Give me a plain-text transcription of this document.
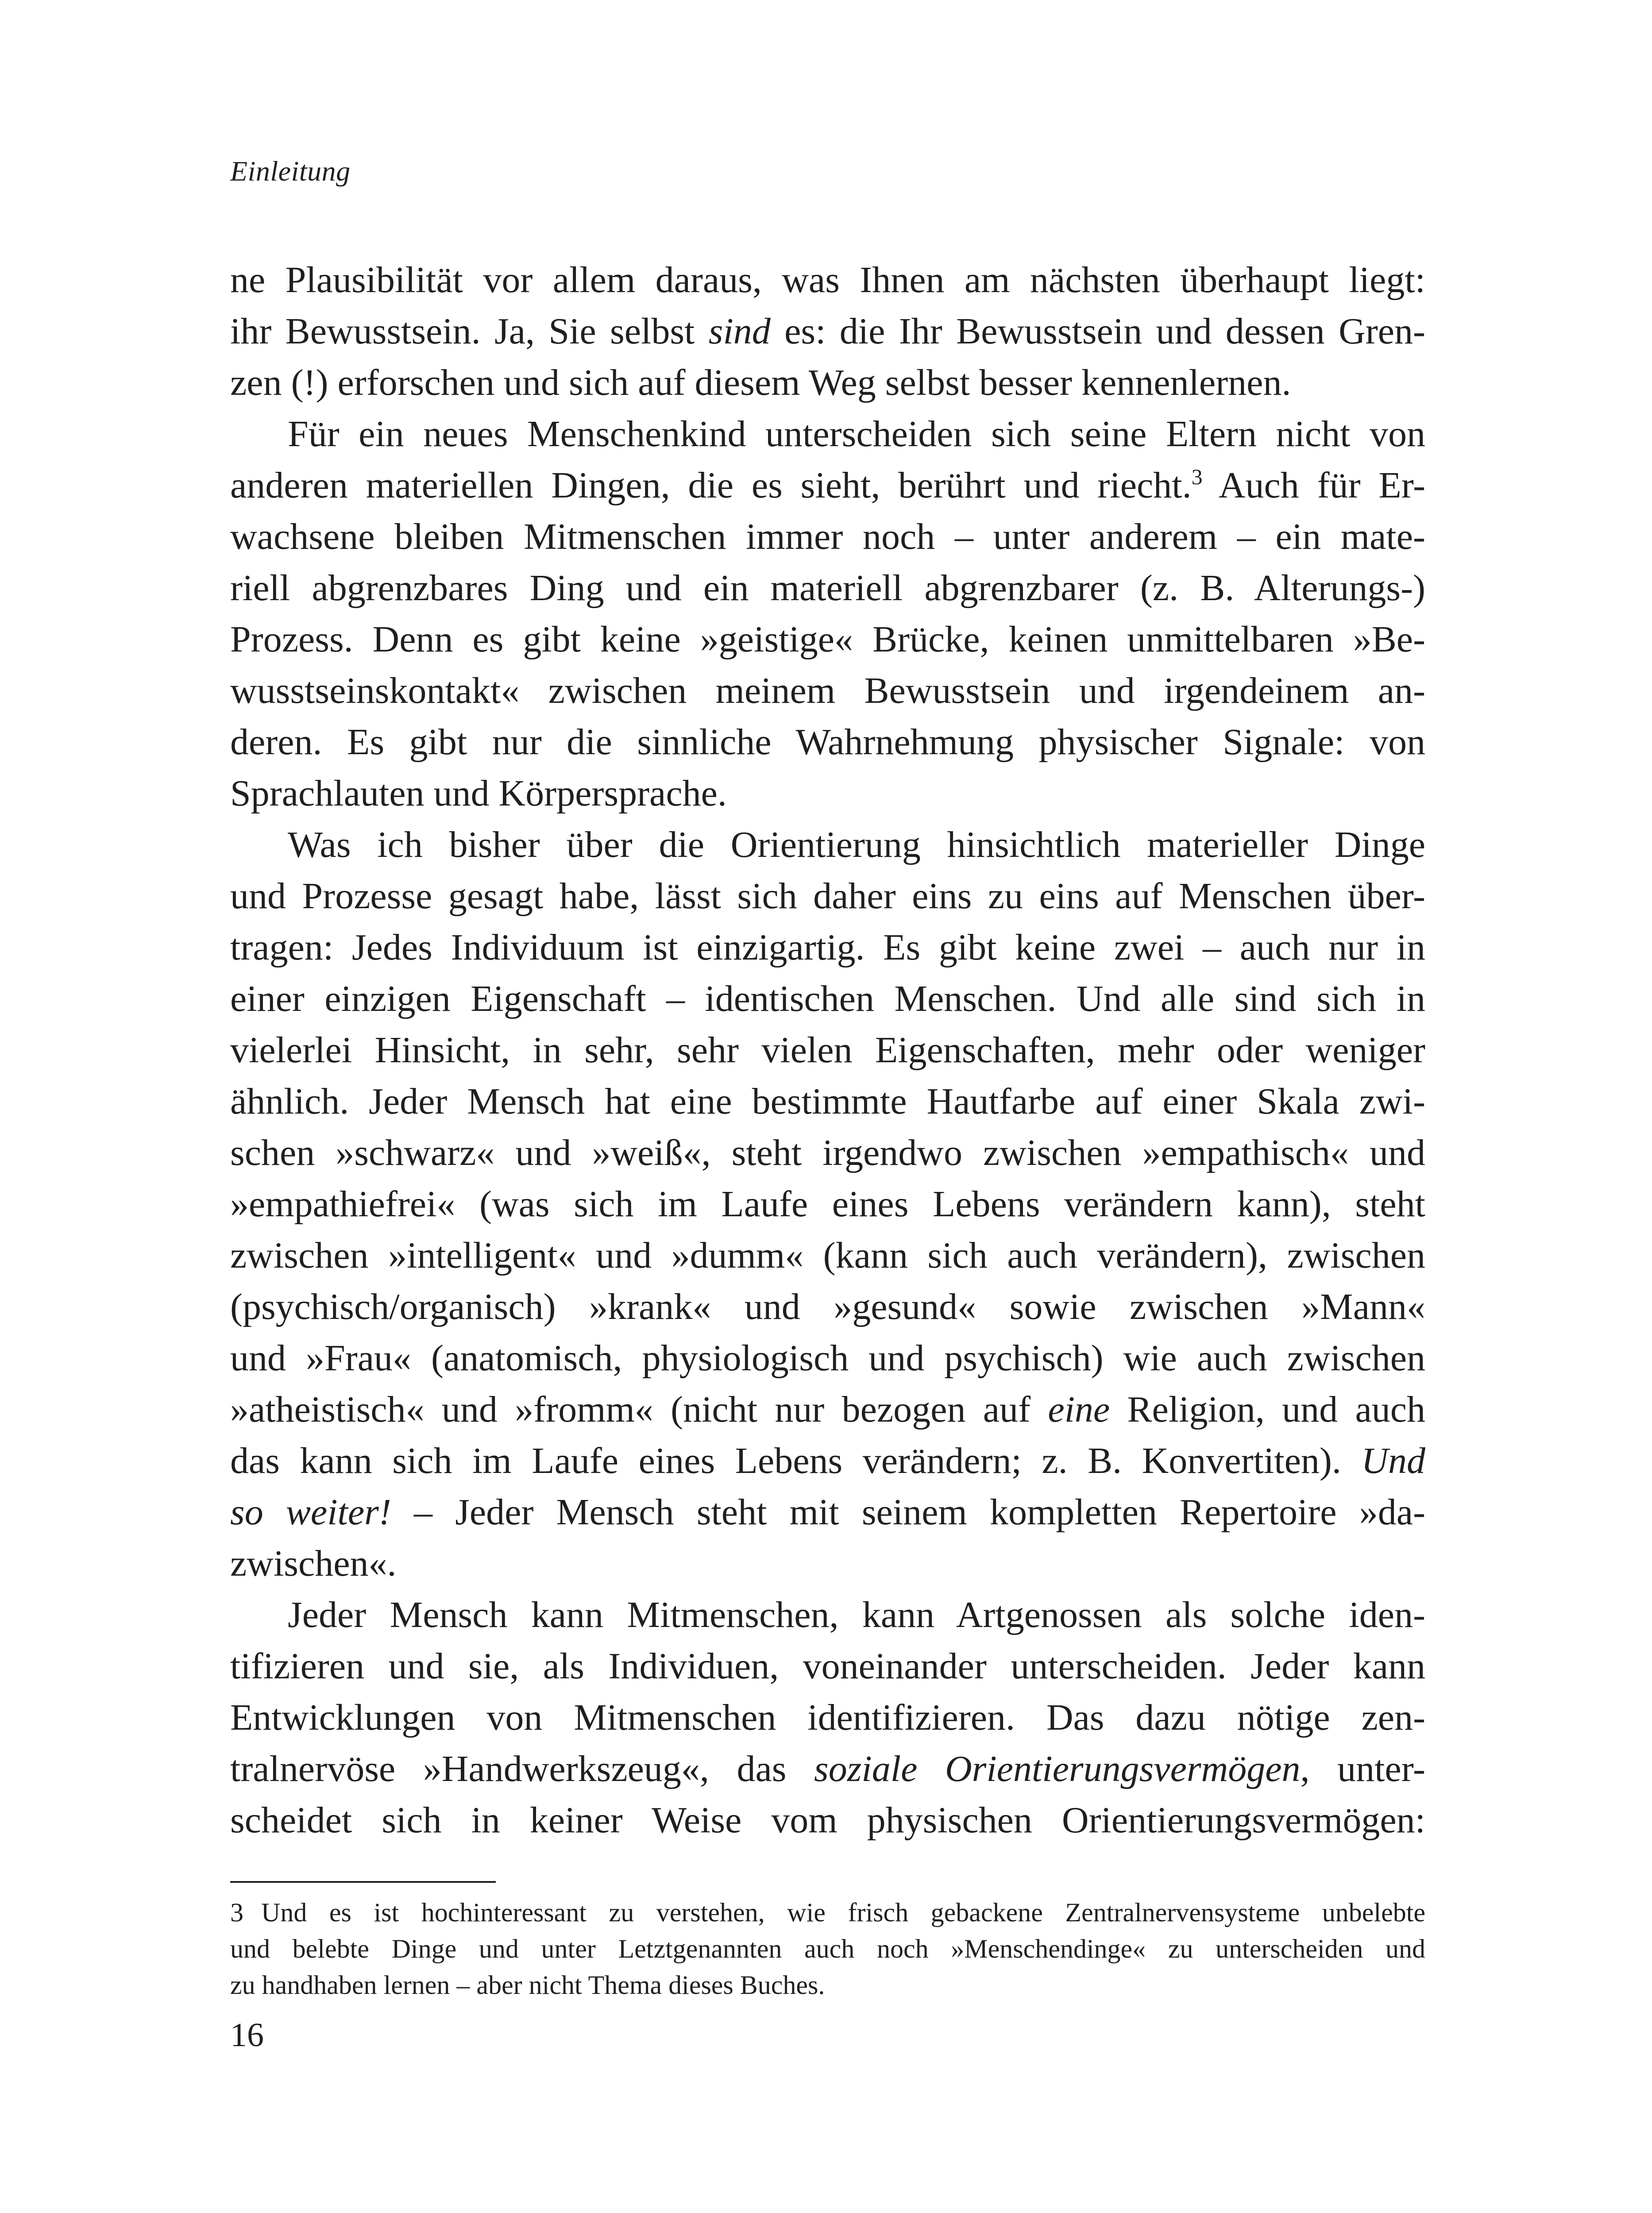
Einleitung
ne Plausibilität vor allem daraus, was Ihnen am nächsten überhaupt liegt:
ihr Bewusstsein. Ja, Sie selbst sind es: die Ihr Bewusstsein und dessen Gren-
zen (!) erforschen und sich auf diesem Weg selbst besser kennenlernen.
Für ein neues Menschenkind unterscheiden sich seine Eltern nicht von
anderen materiellen Dingen, die es sieht, berührt und riecht.$^3$ Auch für Er-
wachsene bleiben Mitmenschen immer noch – unter anderem – ein mate-
riell abgrenzbares Ding und ein materiell abgrenzbarer (z. B. Alterungs-)
Prozess. Denn es gibt keine »geistige« Brücke, keinen unmittelbaren »Be-
wusstseinskontakt« zwischen meinem Bewusstsein und irgendeinem an-
deren. Es gibt nur die sinnliche Wahrnehmung physischer Signale: von
Sprachlauten und Körpersprache.
Was ich bisher über die Orientierung hinsichtlich materieller Dinge
und Prozesse gesagt habe, lässt sich daher eins zu eins auf Menschen über-
tragen: Jedes Individuum ist einzigartig. Es gibt keine zwei – auch nur in
einer einzigen Eigenschaft – identischen Menschen. Und alle sind sich in
vielerlei Hinsicht, in sehr, sehr vielen Eigenschaften, mehr oder weniger
ähnlich. Jeder Mensch hat eine bestimmte Hautfarbe auf einer Skala zwi-
schen »schwarz« und »weiß«, steht irgendwo zwischen »empathisch« und
»empathiefrei« (was sich im Laufe eines Lebens verändern kann), steht
zwischen »intelligent« und »dumm« (kann sich auch verändern), zwischen
(psychisch/organisch) »krank« und »gesund« sowie zwischen »Mann«
und »Frau« (anatomisch, physiologisch und psychisch) wie auch zwischen
»atheistisch« und »fromm« (nicht nur bezogen auf eine Religion, und auch
das kann sich im Laufe eines Lebens verändern; z. B. Konvertiten). Und
so weiter! – Jeder Mensch steht mit seinem kompletten Repertoire »da-
zwischen«.
Jeder Mensch kann Mitmenschen, kann Artgenossen als solche iden-
tifizieren und sie, als Individuen, voneinander unterscheiden. Jeder kann
Entwicklungen von Mitmenschen identifizieren. Das dazu nötige zen-
tralnervöse »Handwerkszeug«, das soziale Orientierungsvermögen, unter-
scheidet sich in keiner Weise vom physischen Orientierungsvermögen:
3 Und es ist hochinteressant zu verstehen, wie frisch gebackene Zentralnervensysteme unbelebte
und belebte Dinge und unter Letztgenannten auch noch »Menschendinge« zu unterscheiden und
zu handhaben lernen – aber nicht Thema dieses Buches.
16
